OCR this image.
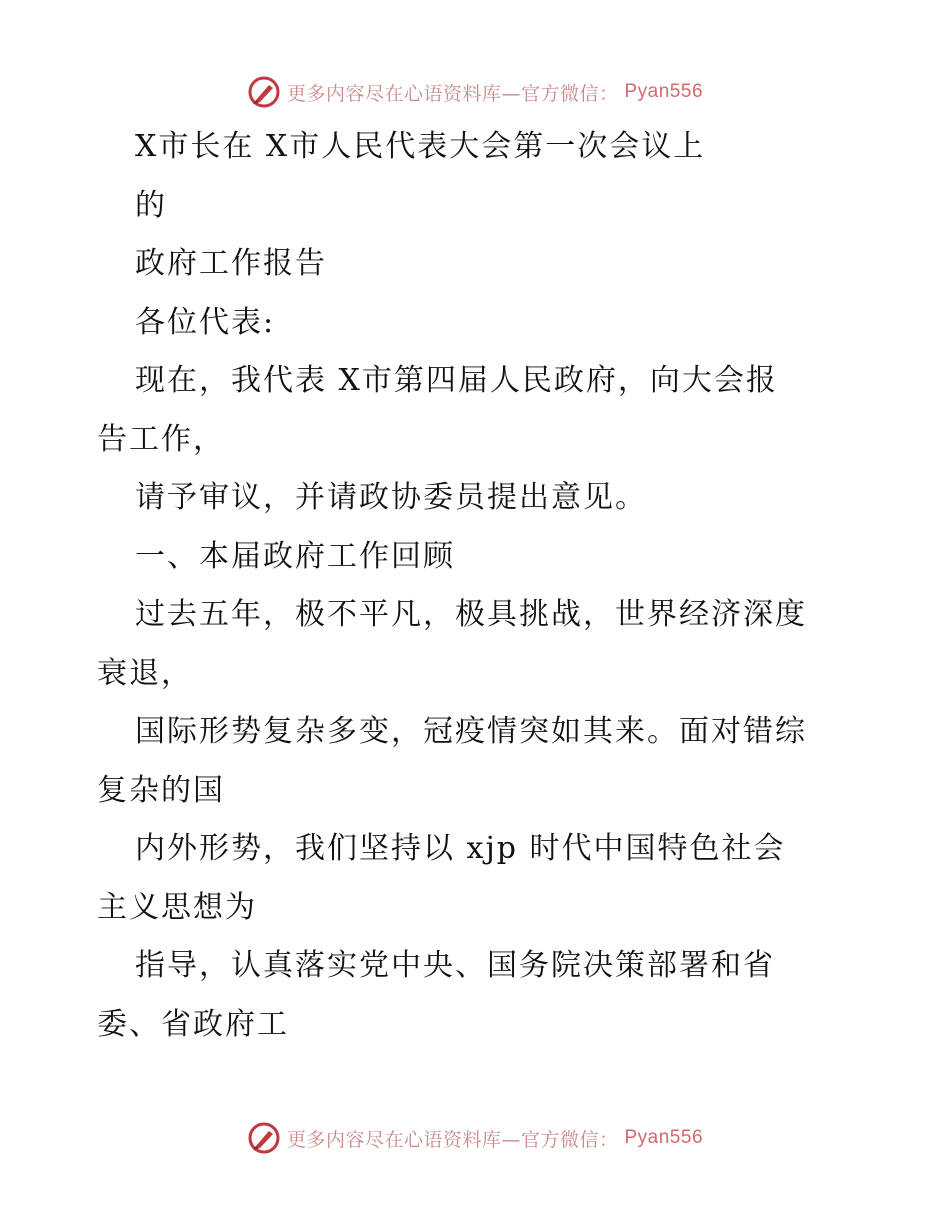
更多内容尽在心语资料库—官方微信： Pyan556
X市长在 X市人民代表大会第一次会议上
的
政府工作报告
各位代表:
现在，我代表 X市第四届人民政府，向大会报
告工作，
请予审议，并请政协委员提出意见。
一、本届政府工作回顾
过去五年，极不平凡，极具挑战，世界经济深度
衰退，
国际形势复杂多变，冠疫情突如其来。面对错综
复杂的国
内外形势，我们坚持以 xjp 时代中国特色社会
主义思想为
指导，认真落实党中央、国务院决策部署和省
委、省政府工
更多内容尽在心语资料库—官方微信： Pyan556
